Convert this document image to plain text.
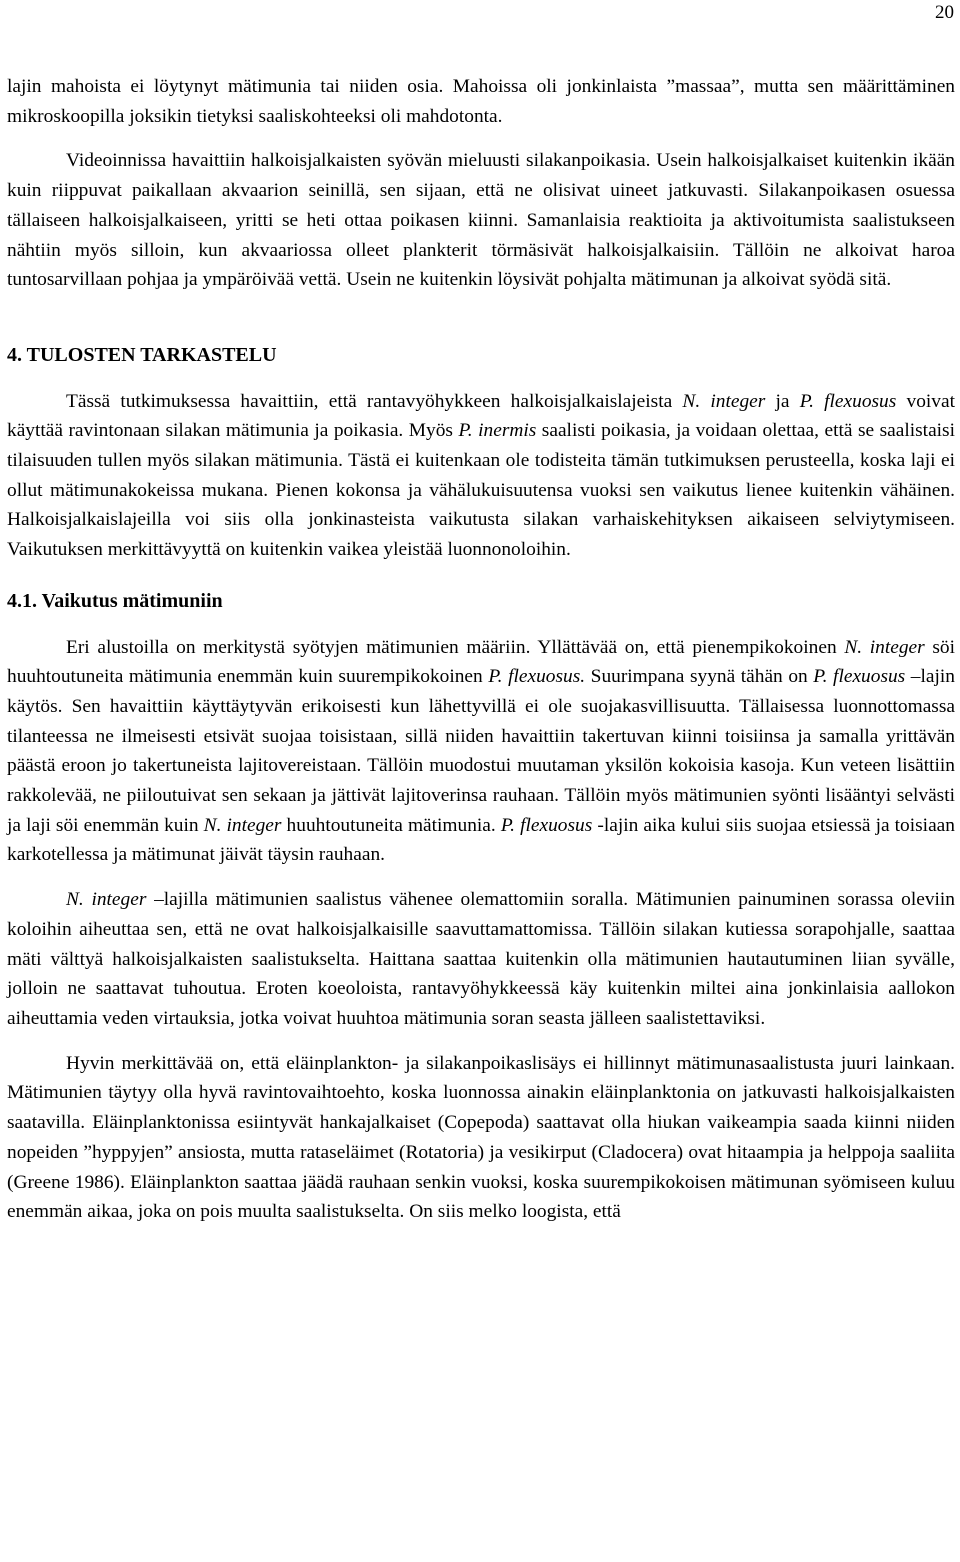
20

lajin mahoista ei löytynyt mätimunia tai niiden osia. Mahoissa oli jonkinlaista ”massaa”, mutta sen määrittäminen mikroskoopilla joksikin tietyksi saaliskohteeksi oli mahdotonta.

Videoinnissa havaittiin halkoisjalkaisten syövän mieluusti silakanpoikasia. Usein halkoisjalkaiset kuitenkin ikään kuin riippuvat paikallaan akvaarion seinillä, sen sijaan, että ne olisivat uineet jatkuvasti. Silakanpoikasen osuessa tällaiseen halkoisjalkaiseen, yritti se heti ottaa poikasen kiinni. Samanlaisia reaktioita ja aktivoitumista saalistukseen nähtiin myös silloin, kun akvaariossa olleet plankterit törmäsivät halkoisjalkaisiin. Tällöin ne alkoivat haroa tuntosarvillaan pohjaa ja ympäröivää vettä. Usein ne kuitenkin löysivät pohjalta mätimunan ja alkoivat syödä sitä.

4. TULOSTEN TARKASTELU

Tässä tutkimuksessa havaittiin, että rantavyöhykkeen halkoisjalkaislajeista N. integer ja P. flexuosus voivat käyttää ravintonaan silakan mätimunia ja poikasia. Myös P. inermis saalisti poikasia, ja voidaan olettaa, että se saalistaisi tilaisuuden tullen myös silakan mätimunia. Tästä ei kuitenkaan ole todisteita tämän tutkimuksen perusteella, koska laji ei ollut mätimunakokeissa mukana. Pienen kokonsa ja vähälukuisuutensa vuoksi sen vaikutus lienee kuitenkin vähäinen. Halkoisjalkaislajeilla voi siis olla jonkinasteista vaikutusta silakan varhaiskehityksen aikaiseen selviytymiseen. Vaikutuksen merkittävyyttä on kuitenkin vaikea yleistää luonnonoloihin.

4.1. Vaikutus mätimuniin

Eri alustoilla on merkitystä syötyjen mätimunien määriin. Yllättävää on, että pienempikokoinen N. integer söi huuhtoutuneita mätimunia enemmän kuin suurempikokoinen P. flexuosus. Suurimpana syynä tähän on P. flexuosus –lajin käytös. Sen havaittiin käyttäytyvän erikoisesti kun lähettyvillä ei ole suojakasvillisuutta. Tällaisessa luonnottomassa tilanteessa ne ilmeisesti etsivät suojaa toisistaan, sillä niiden havaittiin takertuvan kiinni toisiinsa ja samalla yrittävän päästä eroon jo takertuneista lajitovereistaan. Tällöin muodostui muutaman yksilön kokoisia kasoja. Kun veteen lisättiin rakkolevää, ne piiloutuivat sen sekaan ja jättivät lajitoverinsa rauhaan. Tällöin myös mätimunien syönti lisääntyi selvästi ja laji söi enemmän kuin N. integer huuhtoutuneita mätimunia. P. flexuosus -lajin aika kului siis suojaa etsiessä ja toisiaan karkotellessa ja mätimunat jäivät täysin rauhaan.

N. integer –lajilla mätimunien saalistus vähenee olemattomiin soralla. Mätimunien painuminen sorassa oleviin koloihin aiheuttaa sen, että ne ovat halkoisjalkaisille saavuttamattomissa. Tällöin silakan kutiessa sorapohjalle, saattaa mäti välttyä halkoisjalkaisten saalistukselta. Haittana saattaa kuitenkin olla mätimunien hautautuminen liian syvälle, jolloin ne saattavat tuhoutua. Eroten koeoloista, rantavyöhykkeessä käy kuitenkin miltei aina jonkinlaisia aallokon aiheuttamia veden virtauksia, jotka voivat huuhtoa mätimunia soran seasta jälleen saalistettaviksi.

Hyvin merkittävää on, että eläinplankton- ja silakanpoikaslisäys ei hillinnyt mätimunasaalistusta juuri lainkaan. Mätimunien täytyy olla hyvä ravintovaihtoehto, koska luonnossa ainakin eläinplanktonia on jatkuvasti halkoisjalkaisten saatavilla. Eläinplanktonissa esiintyvät hankajalkaiset (Copepoda) saattavat olla hiukan vaikeampia saada kiinni niiden nopeiden ”hyppyjen” ansiosta, mutta rataseläimet (Rotatoria) ja vesikirput (Cladocera) ovat hitaampia ja helppoja saaliita (Greene 1986). Eläinplankton saattaa jäädä rauhaan senkin vuoksi, koska suurempikokoisen mätimunan syömiseen kuluu enemmän aikaa, joka on pois muulta saalistukselta. On siis melko loogista, että
